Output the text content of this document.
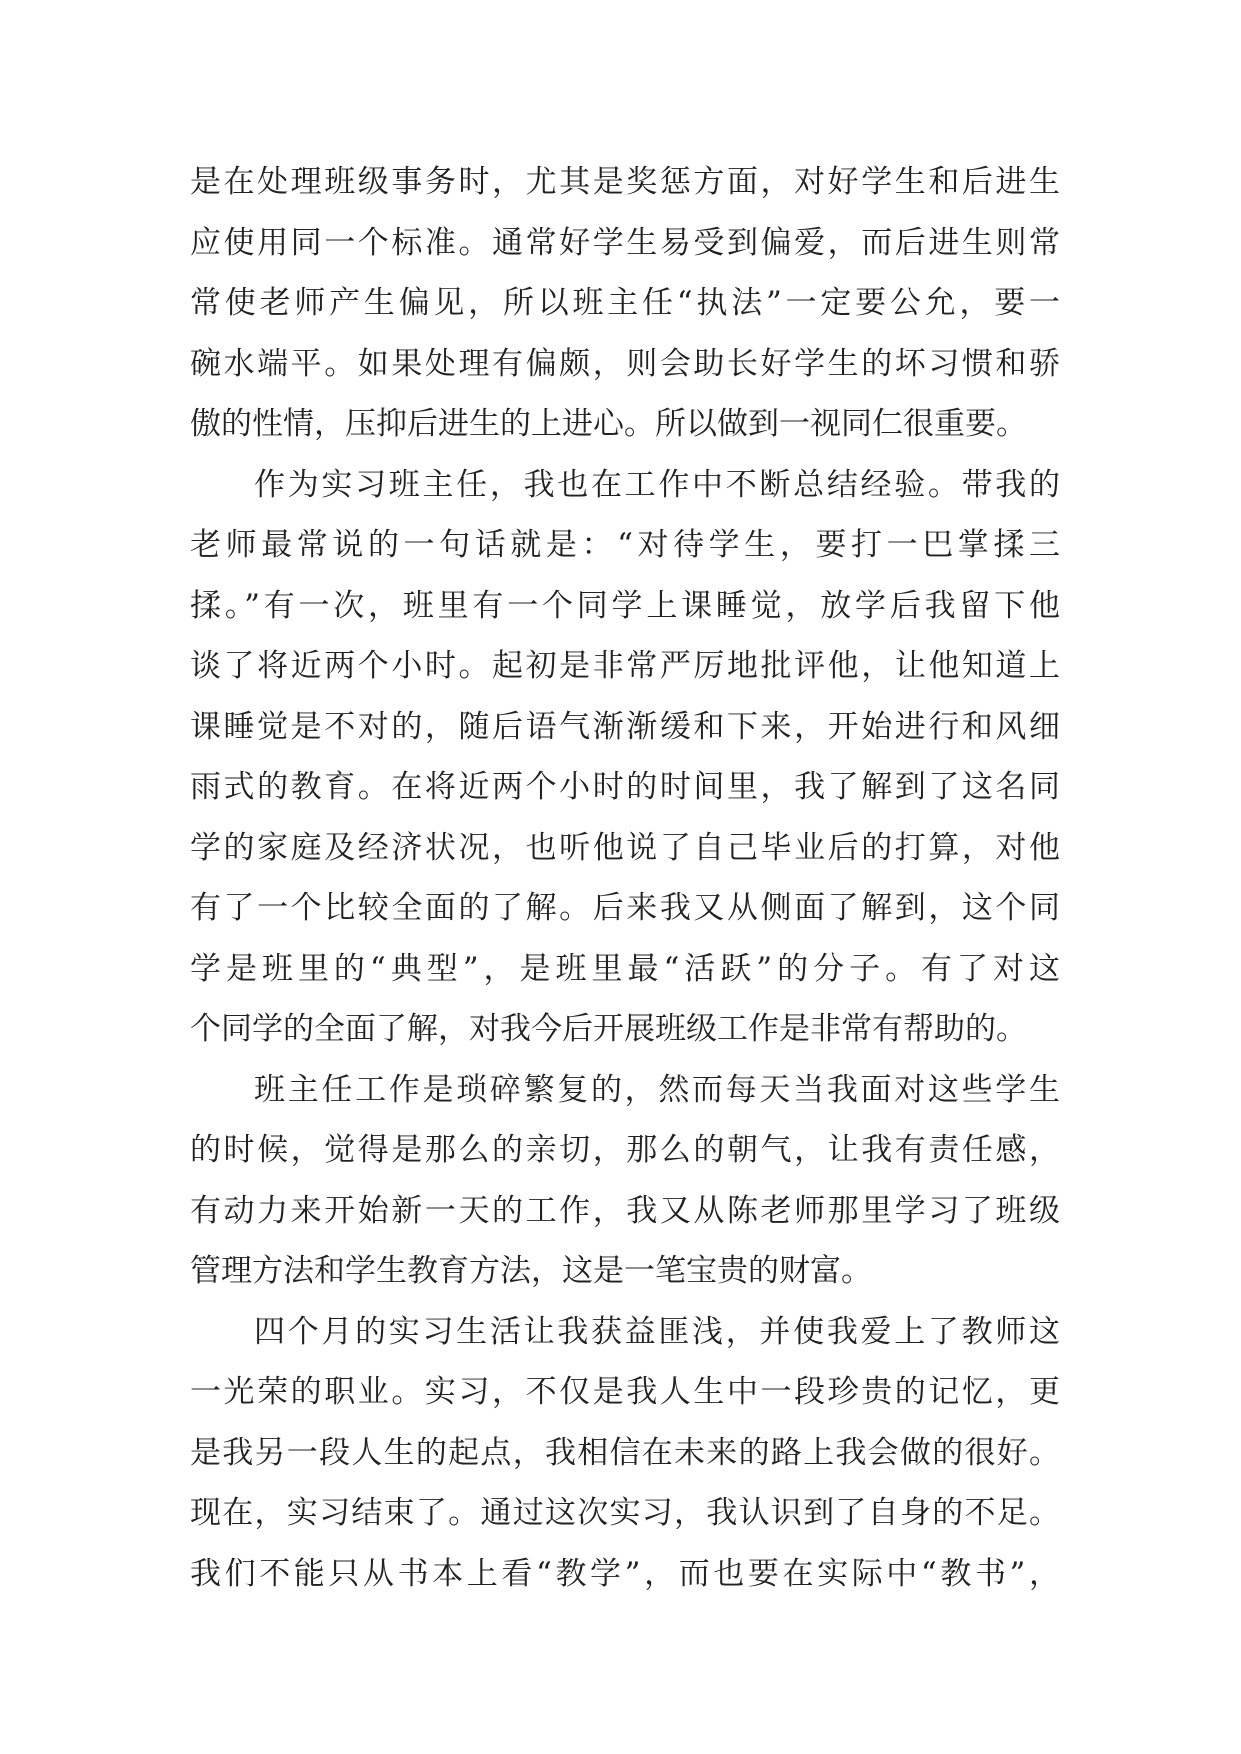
是在处理班级事务时，尤其是奖惩方面，对好学生和后进生
应使用同一个标准。通常好学生易受到偏爱，而后进生则常
常使老师产生偏见，所以班主任“执法”一定要公允，要一
碗水端平。如果处理有偏颇，则会助长好学生的坏习惯和骄
傲的性情，压抑后进生的上进心。所以做到一视同仁很重要。
作为实习班主任，我也在工作中不断总结经验。带我的
老师最常说的一句话就是：“对待学生，要打一巴掌揉三
揉。”有一次，班里有一个同学上课睡觉，放学后我留下他
谈了将近两个小时。起初是非常严厉地批评他，让他知道上
课睡觉是不对的，随后语气渐渐缓和下来，开始进行和风细
雨式的教育。在将近两个小时的时间里，我了解到了这名同
学的家庭及经济状况，也听他说了自己毕业后的打算，对他
有了一个比较全面的了解。后来我又从侧面了解到，这个同
学是班里的“典型”，是班里最“活跃”的分子。有了对这
个同学的全面了解，对我今后开展班级工作是非常有帮助的。
班主任工作是琐碎繁复的，然而每天当我面对这些学生
的时候，觉得是那么的亲切，那么的朝气，让我有责任感，
有动力来开始新一天的工作，我又从陈老师那里学习了班级
管理方法和学生教育方法，这是一笔宝贵的财富。
四个月的实习生活让我获益匪浅，并使我爱上了教师这
一光荣的职业。实习，不仅是我人生中一段珍贵的记忆，更
是我另一段人生的起点，我相信在未来的路上我会做的很好。
现在，实习结束了。通过这次实习，我认识到了自身的不足。
我们不能只从书本上看“教学”，而也要在实际中“教书”，
